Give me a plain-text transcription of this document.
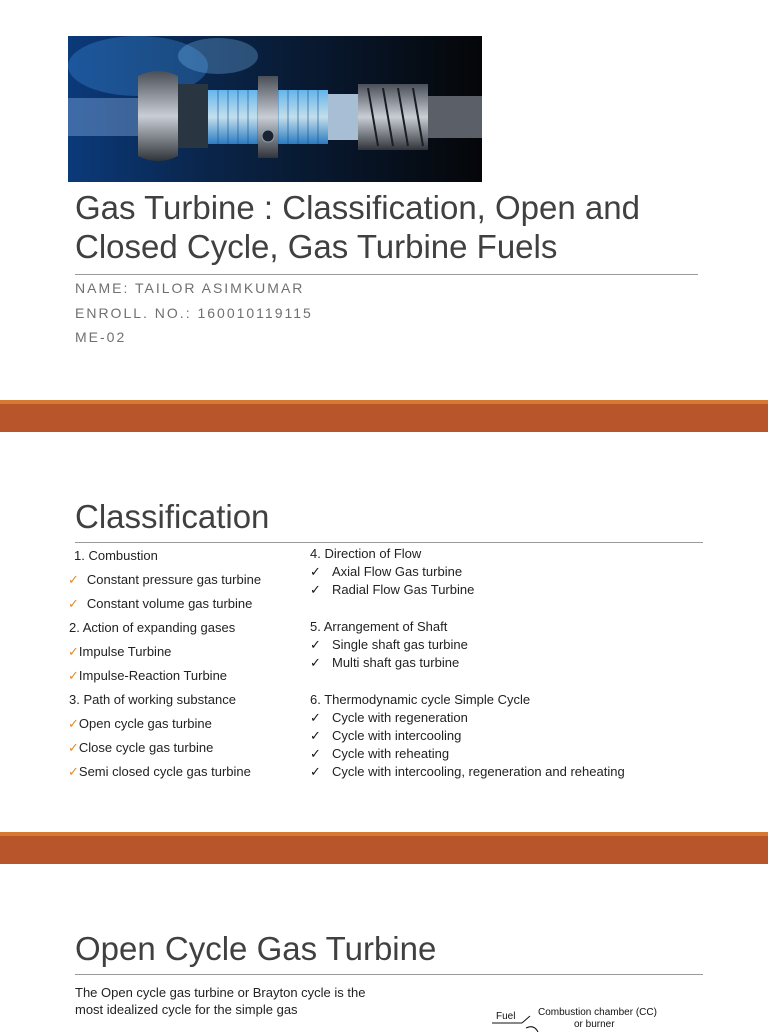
Gas Turbine : Classification, Open and Closed Cycle, Gas Turbine Fuels
NAME: TAILOR ASIMKUMAR
ENROLL. NO.: 160010119115
ME-02
Classification
1. Combustion
✓ Constant pressure gas turbine
✓ Constant volume gas turbine
2. Action of expanding gases
✓Impulse Turbine
✓Impulse-Reaction Turbine
3. Path of working substance
✓Open cycle gas turbine
✓Close cycle gas turbine
✓Semi closed cycle gas turbine
4. Direction of Flow
✓ Axial Flow Gas turbine
✓ Radial Flow Gas Turbine
5. Arrangement of Shaft
✓ Single shaft gas turbine
✓ Multi shaft gas turbine
6. Thermodynamic cycle Simple Cycle
✓ Cycle with regeneration
✓ Cycle with intercooling
✓ Cycle with reheating
✓ Cycle with intercooling, regeneration and reheating
Open Cycle Gas Turbine

The Open cycle gas turbine or Brayton cycle is the most idealized cycle for the simple gas	Fuel Combustion chamber (CC)
or burner
